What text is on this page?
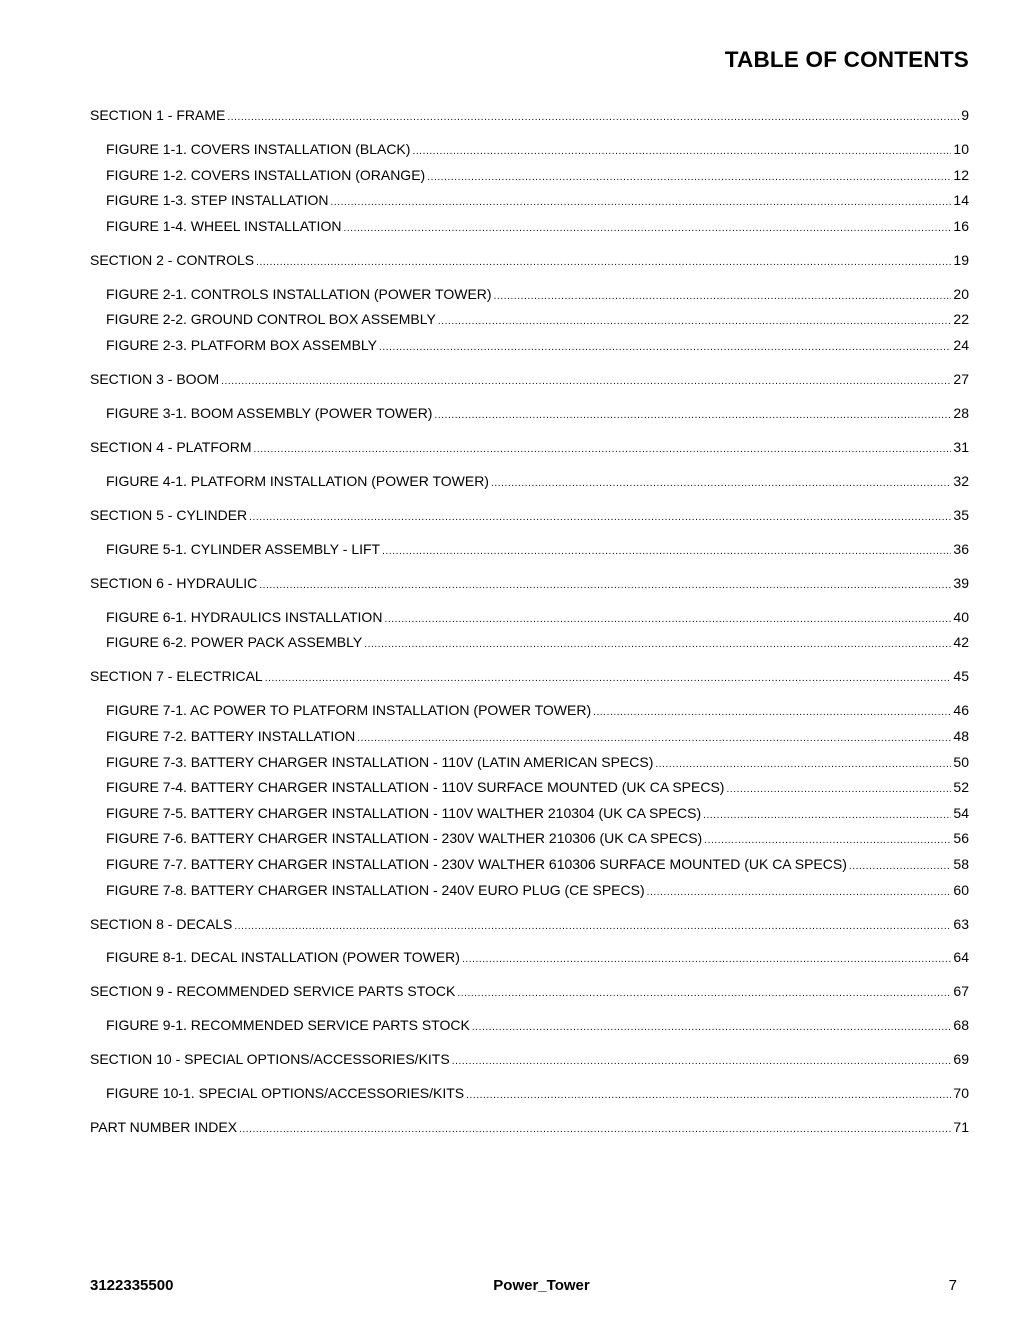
TABLE OF CONTENTS
SECTION 1 - FRAME .....	9
FIGURE 1-1. COVERS INSTALLATION (BLACK) .....	10
FIGURE 1-2. COVERS INSTALLATION (ORANGE) .....	12
FIGURE 1-3. STEP INSTALLATION .....	14
FIGURE 1-4. WHEEL INSTALLATION .....	16
SECTION 2 - CONTROLS .....	19
FIGURE 2-1. CONTROLS INSTALLATION (POWER TOWER) .....	20
FIGURE 2-2. GROUND CONTROL BOX ASSEMBLY .....	22
FIGURE 2-3. PLATFORM BOX ASSEMBLY .....	24
SECTION 3 - BOOM .....	27
FIGURE 3-1. BOOM ASSEMBLY (POWER TOWER) .....	28
SECTION 4 - PLATFORM .....	31
FIGURE 4-1. PLATFORM INSTALLATION (POWER TOWER) .....	32
SECTION 5 - CYLINDER .....	35
FIGURE 5-1. CYLINDER ASSEMBLY - LIFT .....	36
SECTION 6 - HYDRAULIC .....	39
FIGURE 6-1. HYDRAULICS INSTALLATION .....	40
FIGURE 6-2. POWER PACK ASSEMBLY .....	42
SECTION 7 - ELECTRICAL .....	45
FIGURE 7-1. AC POWER TO PLATFORM INSTALLATION (POWER TOWER) .....	46
FIGURE 7-2. BATTERY INSTALLATION .....	48
FIGURE 7-3. BATTERY CHARGER INSTALLATION - 110V (LATIN AMERICAN SPECS) .....	50
FIGURE 7-4. BATTERY CHARGER INSTALLATION - 110V SURFACE MOUNTED (UK CA SPECS) .....	52
FIGURE 7-5. BATTERY CHARGER INSTALLATION - 110V WALTHER 210304 (UK CA SPECS) .....	54
FIGURE 7-6. BATTERY CHARGER INSTALLATION - 230V WALTHER 210306 (UK CA SPECS) .....	56
FIGURE 7-7. BATTERY CHARGER INSTALLATION - 230V WALTHER 610306 SURFACE MOUNTED (UK CA SPECS) .....	58
FIGURE 7-8. BATTERY CHARGER INSTALLATION - 240V EURO PLUG (CE SPECS) .....	60
SECTION 8 - DECALS .....	63
FIGURE 8-1. DECAL INSTALLATION (POWER TOWER) .....	64
SECTION 9 - RECOMMENDED SERVICE PARTS STOCK .....	67
FIGURE 9-1. RECOMMENDED SERVICE PARTS STOCK .....	68
SECTION 10 - SPECIAL OPTIONS/ACCESSORIES/KITS .....	69
FIGURE 10-1. SPECIAL OPTIONS/ACCESSORIES/KITS .....	70
PART NUMBER INDEX .....	71
3122335500	Power_Tower	7
